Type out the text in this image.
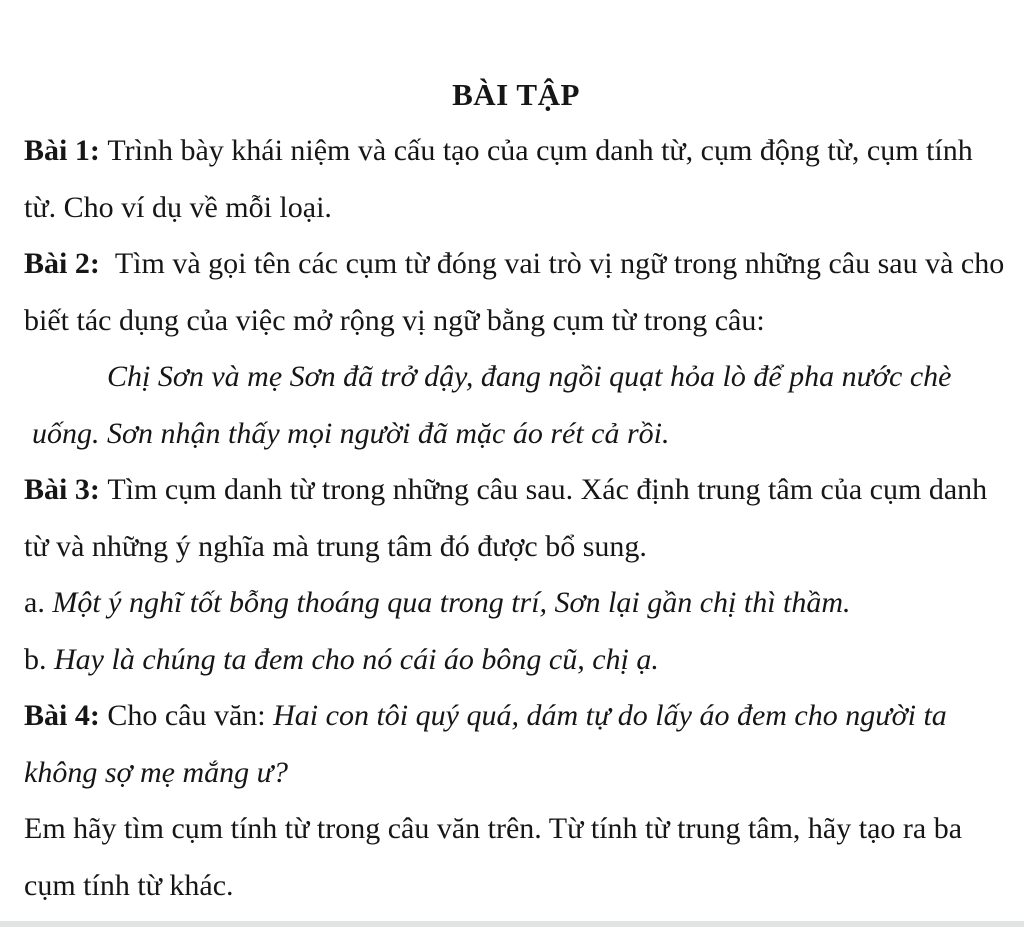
BÀI TẬP

Bài 1: Trình bày khái niệm và cấu tạo của cụm danh từ, cụm động từ, cụm tính từ. Cho ví dụ về mỗi loại.

Bài 2:  Tìm và gọi tên các cụm từ đóng vai trò vị ngữ trong những câu sau và cho biết tác dụng của việc mở rộng vị ngữ bằng cụm từ trong câu:

Chị Sơn và mẹ Sơn đã trở dậy, đang ngồi quạt hỏa lò để pha nước chè uống. Sơn nhận thấy mọi người đã mặc áo rét cả rồi.

Bài 3: Tìm cụm danh từ trong những câu sau. Xác định trung tâm của cụm danh từ và những ý nghĩa mà trung tâm đó được bổ sung.

a. Một ý nghĩ tốt bỗng thoáng qua trong trí, Sơn lại gần chị thì thầm.

b. Hay là chúng ta đem cho nó cái áo bông cũ, chị ạ.

Bài 4: Cho câu văn: Hai con tôi quý quá, dám tự do lấy áo đem cho người ta không sợ mẹ mắng ư?

Em hãy tìm cụm tính từ trong câu văn trên. Từ tính từ trung tâm, hãy tạo ra ba cụm tính từ khác.
